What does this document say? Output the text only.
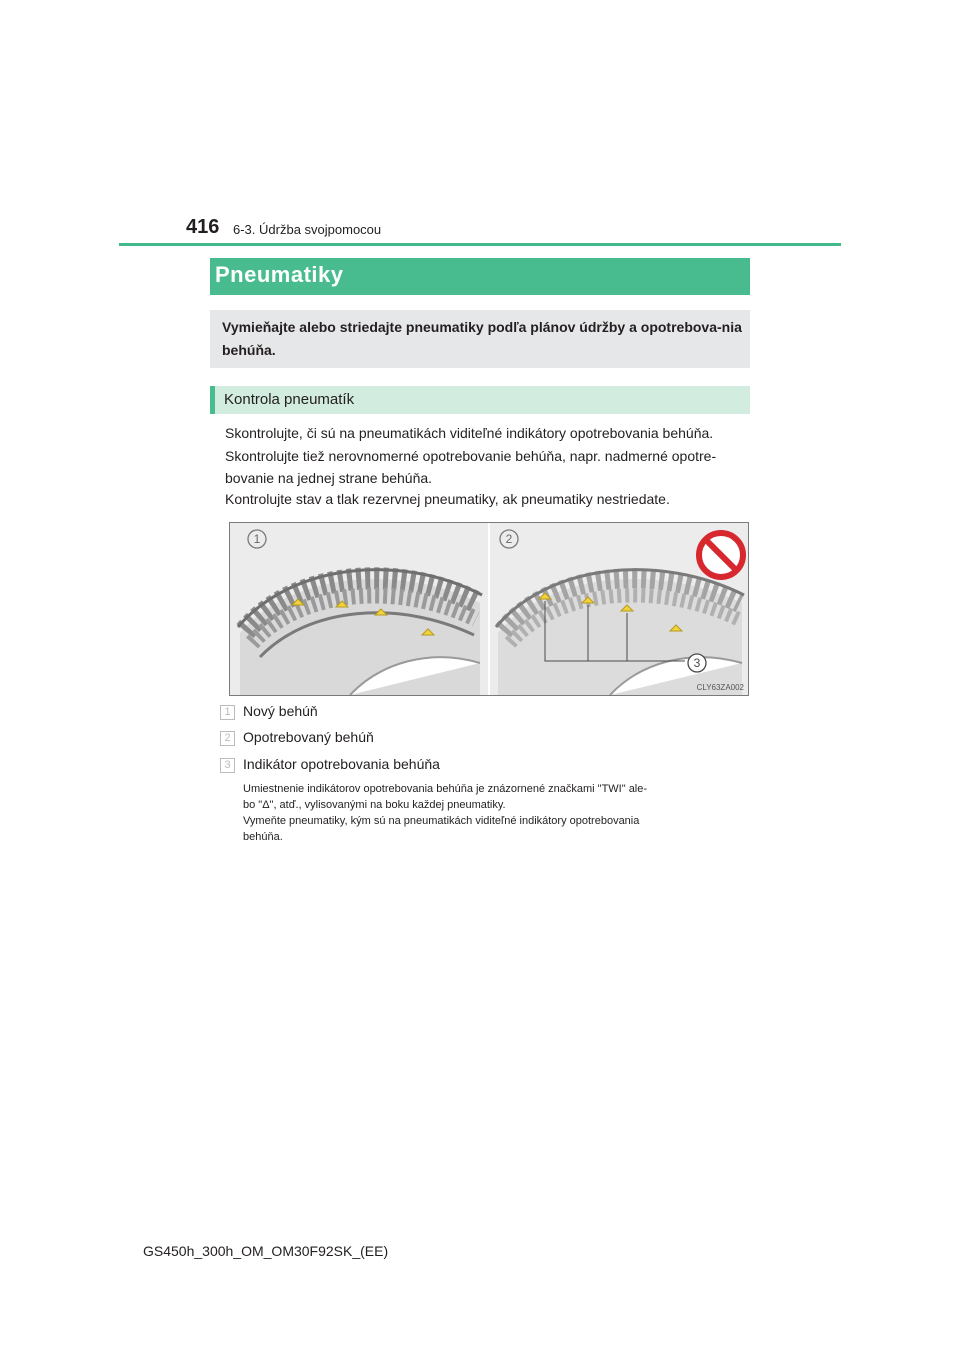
416 6-3. Údržba svojpomocou
Pneumatiky
Vymieňajte alebo striedajte pneumatiky podľa plánov údržby a opotrebova-nia behúňa.
Kontrola pneumatík
Skontrolujte, či sú na pneumatikách viditeľné indikátory opotrebovania behúňa.
Skontrolujte tiež nerovnomerné opotrebovanie behúňa, napr. nadmerné opotre-
bovanie na jednej strane behúňa.
Kontrolujte stav a tlak rezervnej pneumatiky, ak pneumatiky nestriedate.
1	2
3
CLY63ZA002
1 Nový behúň
2 Opotrebovaný behúň
3 Indikátor opotrebovania behúňa
Umiestnenie indikátorov opotrebovania behúňa je znázornené značkami "TWI" ale-
bo "Δ", atď., vylisovanými na boku každej pneumatiky.
Vymeňte pneumatiky, kým sú na pneumatikách viditeľné indikátory opotrebovania
behúňa.
GS450h_300h_OM_OM30F92SK_(EE)
